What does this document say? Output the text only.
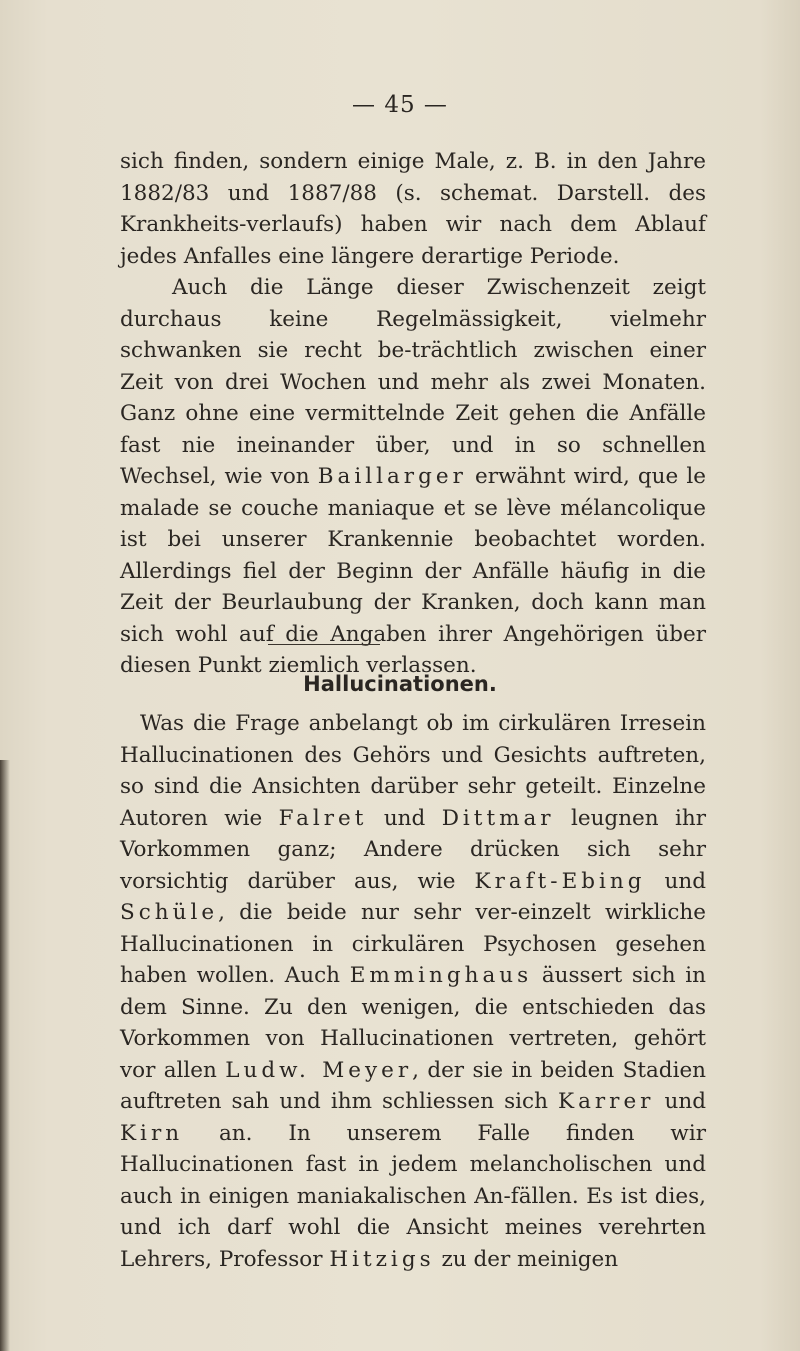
— 45 —

sich finden, sondern einige Male, z. B. in den Jahre 1882/83 und 1887/88 (s. schemat. Darstell. des Krankheits-verlaufs) haben wir nach dem Ablauf jedes Anfalles eine längere derartige Periode.

Auch die Länge dieser Zwischenzeit zeigt durchaus keine Regelmässigkeit, vielmehr schwanken sie recht be-trächtlich zwischen einer Zeit von drei Wochen und mehr als zwei Monaten. Ganz ohne eine vermittelnde Zeit gehen die Anfälle fast nie ineinander über, und in so schnellen Wechsel, wie von Baillarger erwähnt wird, que le malade se couche maniaque et se lève mélancolique ist bei unserer Krankennie beobachtet worden. Allerdings fiel der Beginn der Anfälle häufig in die Zeit der Beurlaubung der Kranken, doch kann man sich wohl auf die Angaben ihrer Angehörigen über diesen Punkt ziemlich verlassen.

Hallucinationen.

Was die Frage anbelangt ob im cirkulären Irresein Hallucinationen des Gehörs und Gesichts auftreten, so sind die Ansichten darüber sehr geteilt. Einzelne Autoren wie Falret und Dittmar leugnen ihr Vorkommen ganz; Andere drücken sich sehr vorsichtig darüber aus, wie Kraft-Ebing und Schüle, die beide nur sehr ver-einzelt wirkliche Hallucinationen in cirkulären Psychosen gesehen haben wollen. Auch Emminghaus äussert sich in dem Sinne. Zu den wenigen, die entschieden das Vorkommen von Hallucinationen vertreten, gehört vor allen Ludw. Meyer, der sie in beiden Stadien auftreten sah und ihm schliessen sich Karrer und Kirn an. In unserem Falle finden wir Hallucinationen fast in jedem melancholischen und auch in einigen maniakalischen An-fällen. Es ist dies, und ich darf wohl die Ansicht meines verehrten Lehrers, Professor Hitzigs zu der meinigen
